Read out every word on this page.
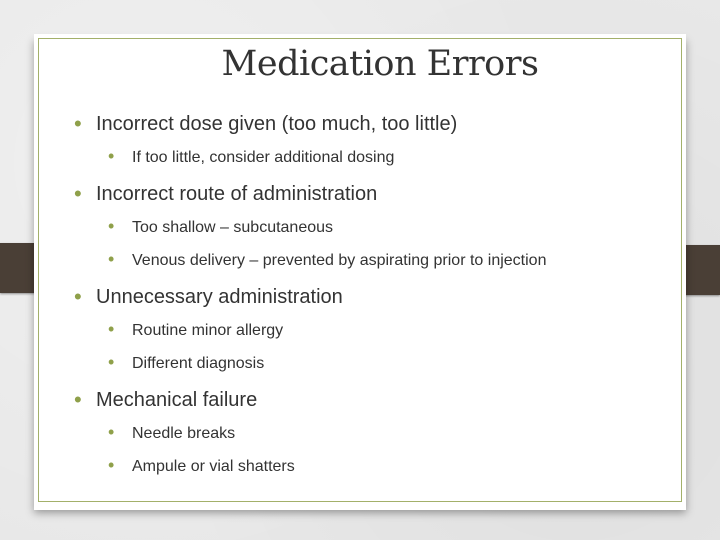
Medication Errors
• Incorrect dose given (too much, too little)
• If too little, consider additional dosing
• Incorrect route of administration
• Too shallow – subcutaneous
• Venous delivery – prevented by aspirating prior to injection
• Unnecessary administration
• Routine minor allergy
• Different diagnosis
• Mechanical failure
• Needle breaks
• Ampule or vial shatters
